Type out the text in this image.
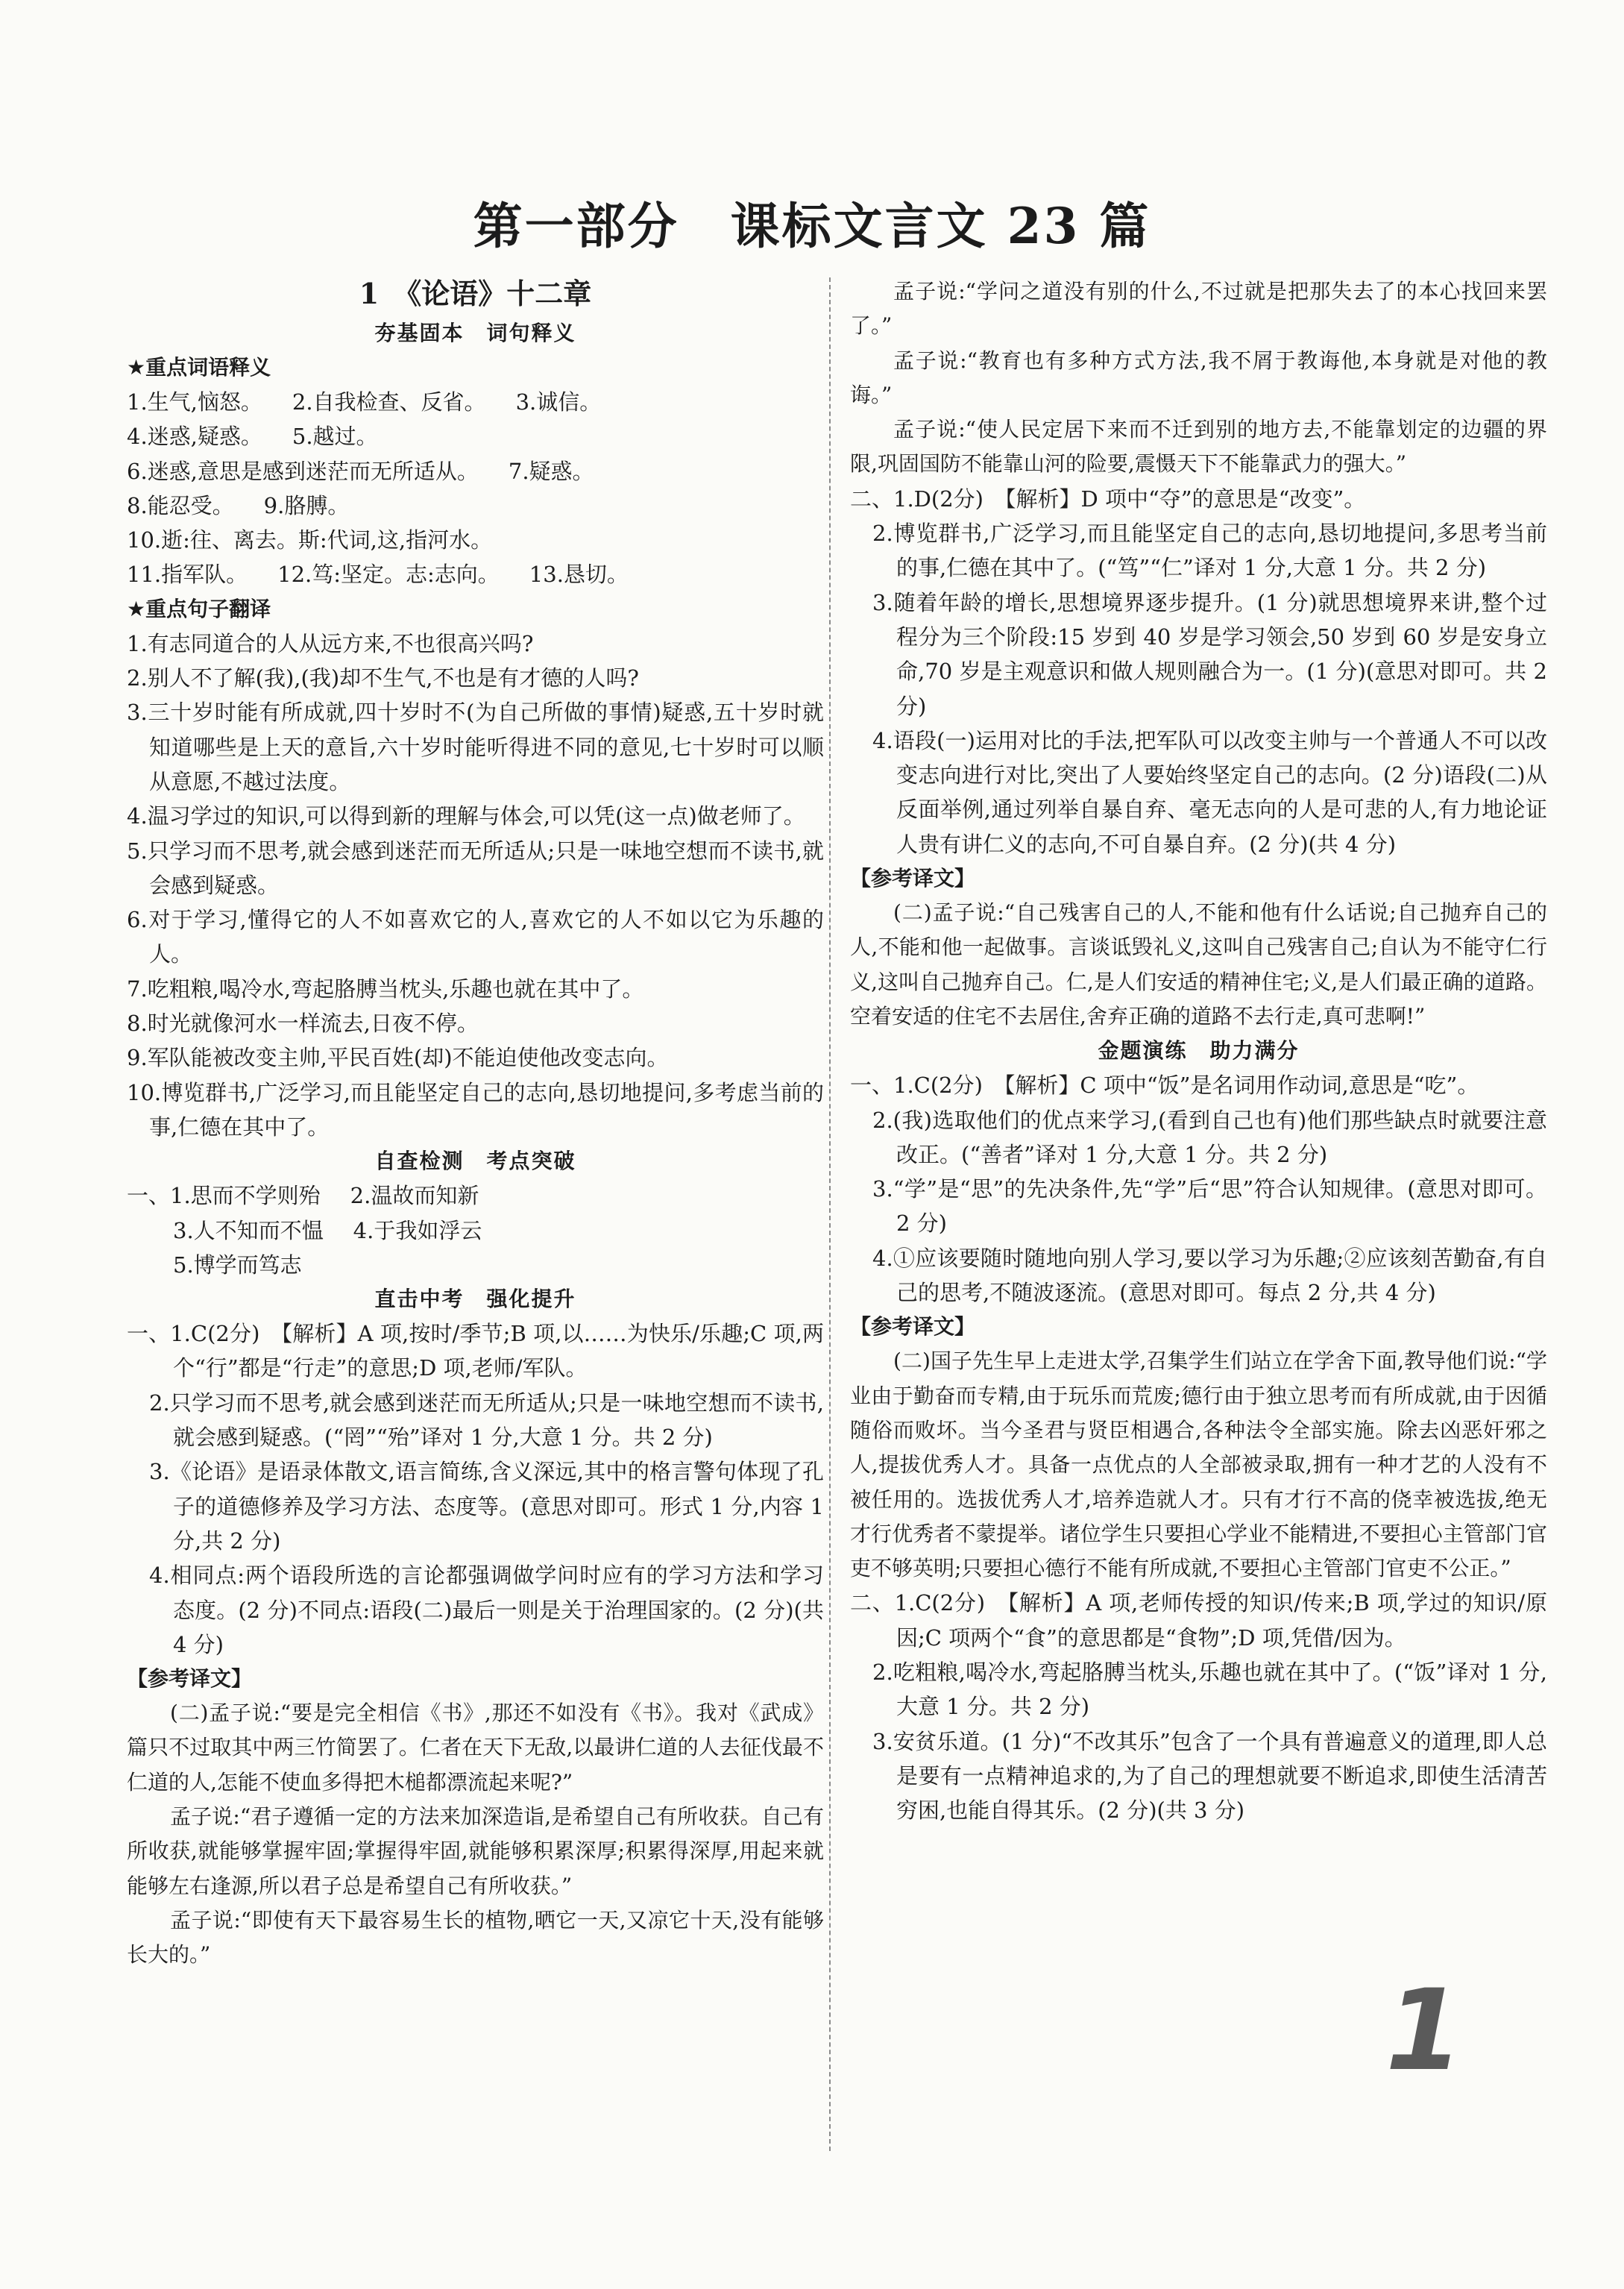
第一部分　课标文言文 23 篇
1　《论语》十二章
夯基固本　词句释义
★重点词语释义
1.生气,恼怒。 2.自我检查、反省。 3.诚信。
4.迷惑,疑惑。 5.越过。
6.迷惑,意思是感到迷茫而无所适从。 7.疑惑。
8.能忍受。 9.胳膊。
10.逝:往、离去。斯:代词,这,指河水。
11.指军队。 12.笃:坚定。志:志向。 13.恳切。
★重点句子翻译
1.有志同道合的人从远方来,不也很高兴吗?
2.别人不了解(我),(我)却不生气,不也是有才德的人吗?
3.三十岁时能有所成就,四十岁时不(为自己所做的事情)疑惑,五十岁时就知道哪些是上天的意旨,六十岁时能听得进不同的意见,七十岁时可以顺从意愿,不越过法度。
4.温习学过的知识,可以得到新的理解与体会,可以凭(这一点)做老师了。
5.只学习而不思考,就会感到迷茫而无所适从;只是一味地空想而不读书,就会感到疑惑。
6.对于学习,懂得它的人不如喜欢它的人,喜欢它的人不如以它为乐趣的人。
7.吃粗粮,喝冷水,弯起胳膊当枕头,乐趣也就在其中了。
8.时光就像河水一样流去,日夜不停。
9.军队能被改变主帅,平民百姓(却)不能迫使他改变志向。
10.博览群书,广泛学习,而且能坚定自己的志向,恳切地提问,多考虑当前的事,仁德在其中了。
自查检测　考点突破
一、1.思而不学则殆 2.温故而知新
3.人不知而不愠 4.于我如浮云
5.博学而笃志
直击中考　强化提升
一、1.C(2分)　【解析】A 项,按时/季节;B 项,以……为快乐/乐趣;C 项,两个“行”都是“行走”的意思;D 项,老师/军队。
2.只学习而不思考,就会感到迷茫而无所适从;只是一味地空想而不读书,就会感到疑惑。(“罔”“殆”译对 1 分,大意 1 分。共 2 分)
3.《论语》是语录体散文,语言简练,含义深远,其中的格言警句体现了孔子的道德修养及学习方法、态度等。(意思对即可。形式 1 分,内容 1 分,共 2 分)
4.相同点:两个语段所选的言论都强调做学问时应有的学习方法和学习态度。(2 分)不同点:语段(二)最后一则是关于治理国家的。(2 分)(共 4 分)
【参考译文】
(二)孟子说:“要是完全相信《书》,那还不如没有《书》。我对《武成》篇只不过取其中两三竹简罢了。仁者在天下无敌,以最讲仁道的人去征伐最不仁道的人,怎能不使血多得把木槌都漂流起来呢?”
孟子说:“君子遵循一定的方法来加深造诣,是希望自己有所收获。自己有所收获,就能够掌握牢固;掌握得牢固,就能够积累深厚;积累得深厚,用起来就能够左右逢源,所以君子总是希望自己有所收获。”
孟子说:“即使有天下最容易生长的植物,晒它一天,又凉它十天,没有能够长大的。”
孟子说:“学问之道没有别的什么,不过就是把那失去了的本心找回来罢了。”
孟子说:“教育也有多种方式方法,我不屑于教诲他,本身就是对他的教诲。”
孟子说:“使人民定居下来而不迁到别的地方去,不能靠划定的边疆的界限,巩固国防不能靠山河的险要,震慑天下不能靠武力的强大。”
二、1.D(2分)　【解析】D 项中“夺”的意思是“改变”。
2.博览群书,广泛学习,而且能坚定自己的志向,恳切地提问,多思考当前的事,仁德在其中了。(“笃”“仁”译对 1 分,大意 1 分。共 2 分)
3.随着年龄的增长,思想境界逐步提升。(1 分)就思想境界来讲,整个过程分为三个阶段:15 岁到 40 岁是学习领会,50 岁到 60 岁是安身立命,70 岁是主观意识和做人规则融合为一。(1 分)(意思对即可。共 2 分)
4.语段(一)运用对比的手法,把军队可以改变主帅与一个普通人不可以改变志向进行对比,突出了人要始终坚定自己的志向。(2 分)语段(二)从反面举例,通过列举自暴自弃、毫无志向的人是可悲的人,有力地论证人贵有讲仁义的志向,不可自暴自弃。(2 分)(共 4 分)
【参考译文】
(二)孟子说:“自己残害自己的人,不能和他有什么话说;自己抛弃自己的人,不能和他一起做事。言谈诋毁礼义,这叫自己残害自己;自认为不能守仁行义,这叫自己抛弃自己。仁,是人们安适的精神住宅;义,是人们最正确的道路。空着安适的住宅不去居住,舍弃正确的道路不去行走,真可悲啊!”
金题演练　助力满分
一、1.C(2分)　【解析】C 项中“饭”是名词用作动词,意思是“吃”。
2.(我)选取他们的优点来学习,(看到自己也有)他们那些缺点时就要注意改正。(“善者”译对 1 分,大意 1 分。共 2 分)
3.“学”是“思”的先决条件,先“学”后“思”符合认知规律。(意思对即可。2 分)
4.①应该要随时随地向别人学习,要以学习为乐趣;②应该刻苦勤奋,有自己的思考,不随波逐流。(意思对即可。每点 2 分,共 4 分)
【参考译文】
(二)国子先生早上走进太学,召集学生们站立在学舍下面,教导他们说:“学业由于勤奋而专精,由于玩乐而荒废;德行由于独立思考而有所成就,由于因循随俗而败坏。当今圣君与贤臣相遇合,各种法令全部实施。除去凶恶奸邪之人,提拔优秀人才。具备一点优点的人全部被录取,拥有一种才艺的人没有不被任用的。选拔优秀人才,培养造就人才。只有才行不高的侥幸被选拔,绝无才行优秀者不蒙提举。诸位学生只要担心学业不能精进,不要担心主管部门官吏不够英明;只要担心德行不能有所成就,不要担心主管部门官吏不公正。”
二、1.C(2分)　【解析】A 项,老师传授的知识/传来;B 项,学过的知识/原因;C 项两个“食”的意思都是“食物”;D 项,凭借/因为。
2.吃粗粮,喝冷水,弯起胳膊当枕头,乐趣也就在其中了。(“饭”译对 1 分,大意 1 分。共 2 分)
3.安贫乐道。(1 分)“不改其乐”包含了一个具有普遍意义的道理,即人总是要有一点精神追求的,为了自己的理想就要不断追求,即使生活清苦穷困,也能自得其乐。(2 分)(共 3 分)
1
